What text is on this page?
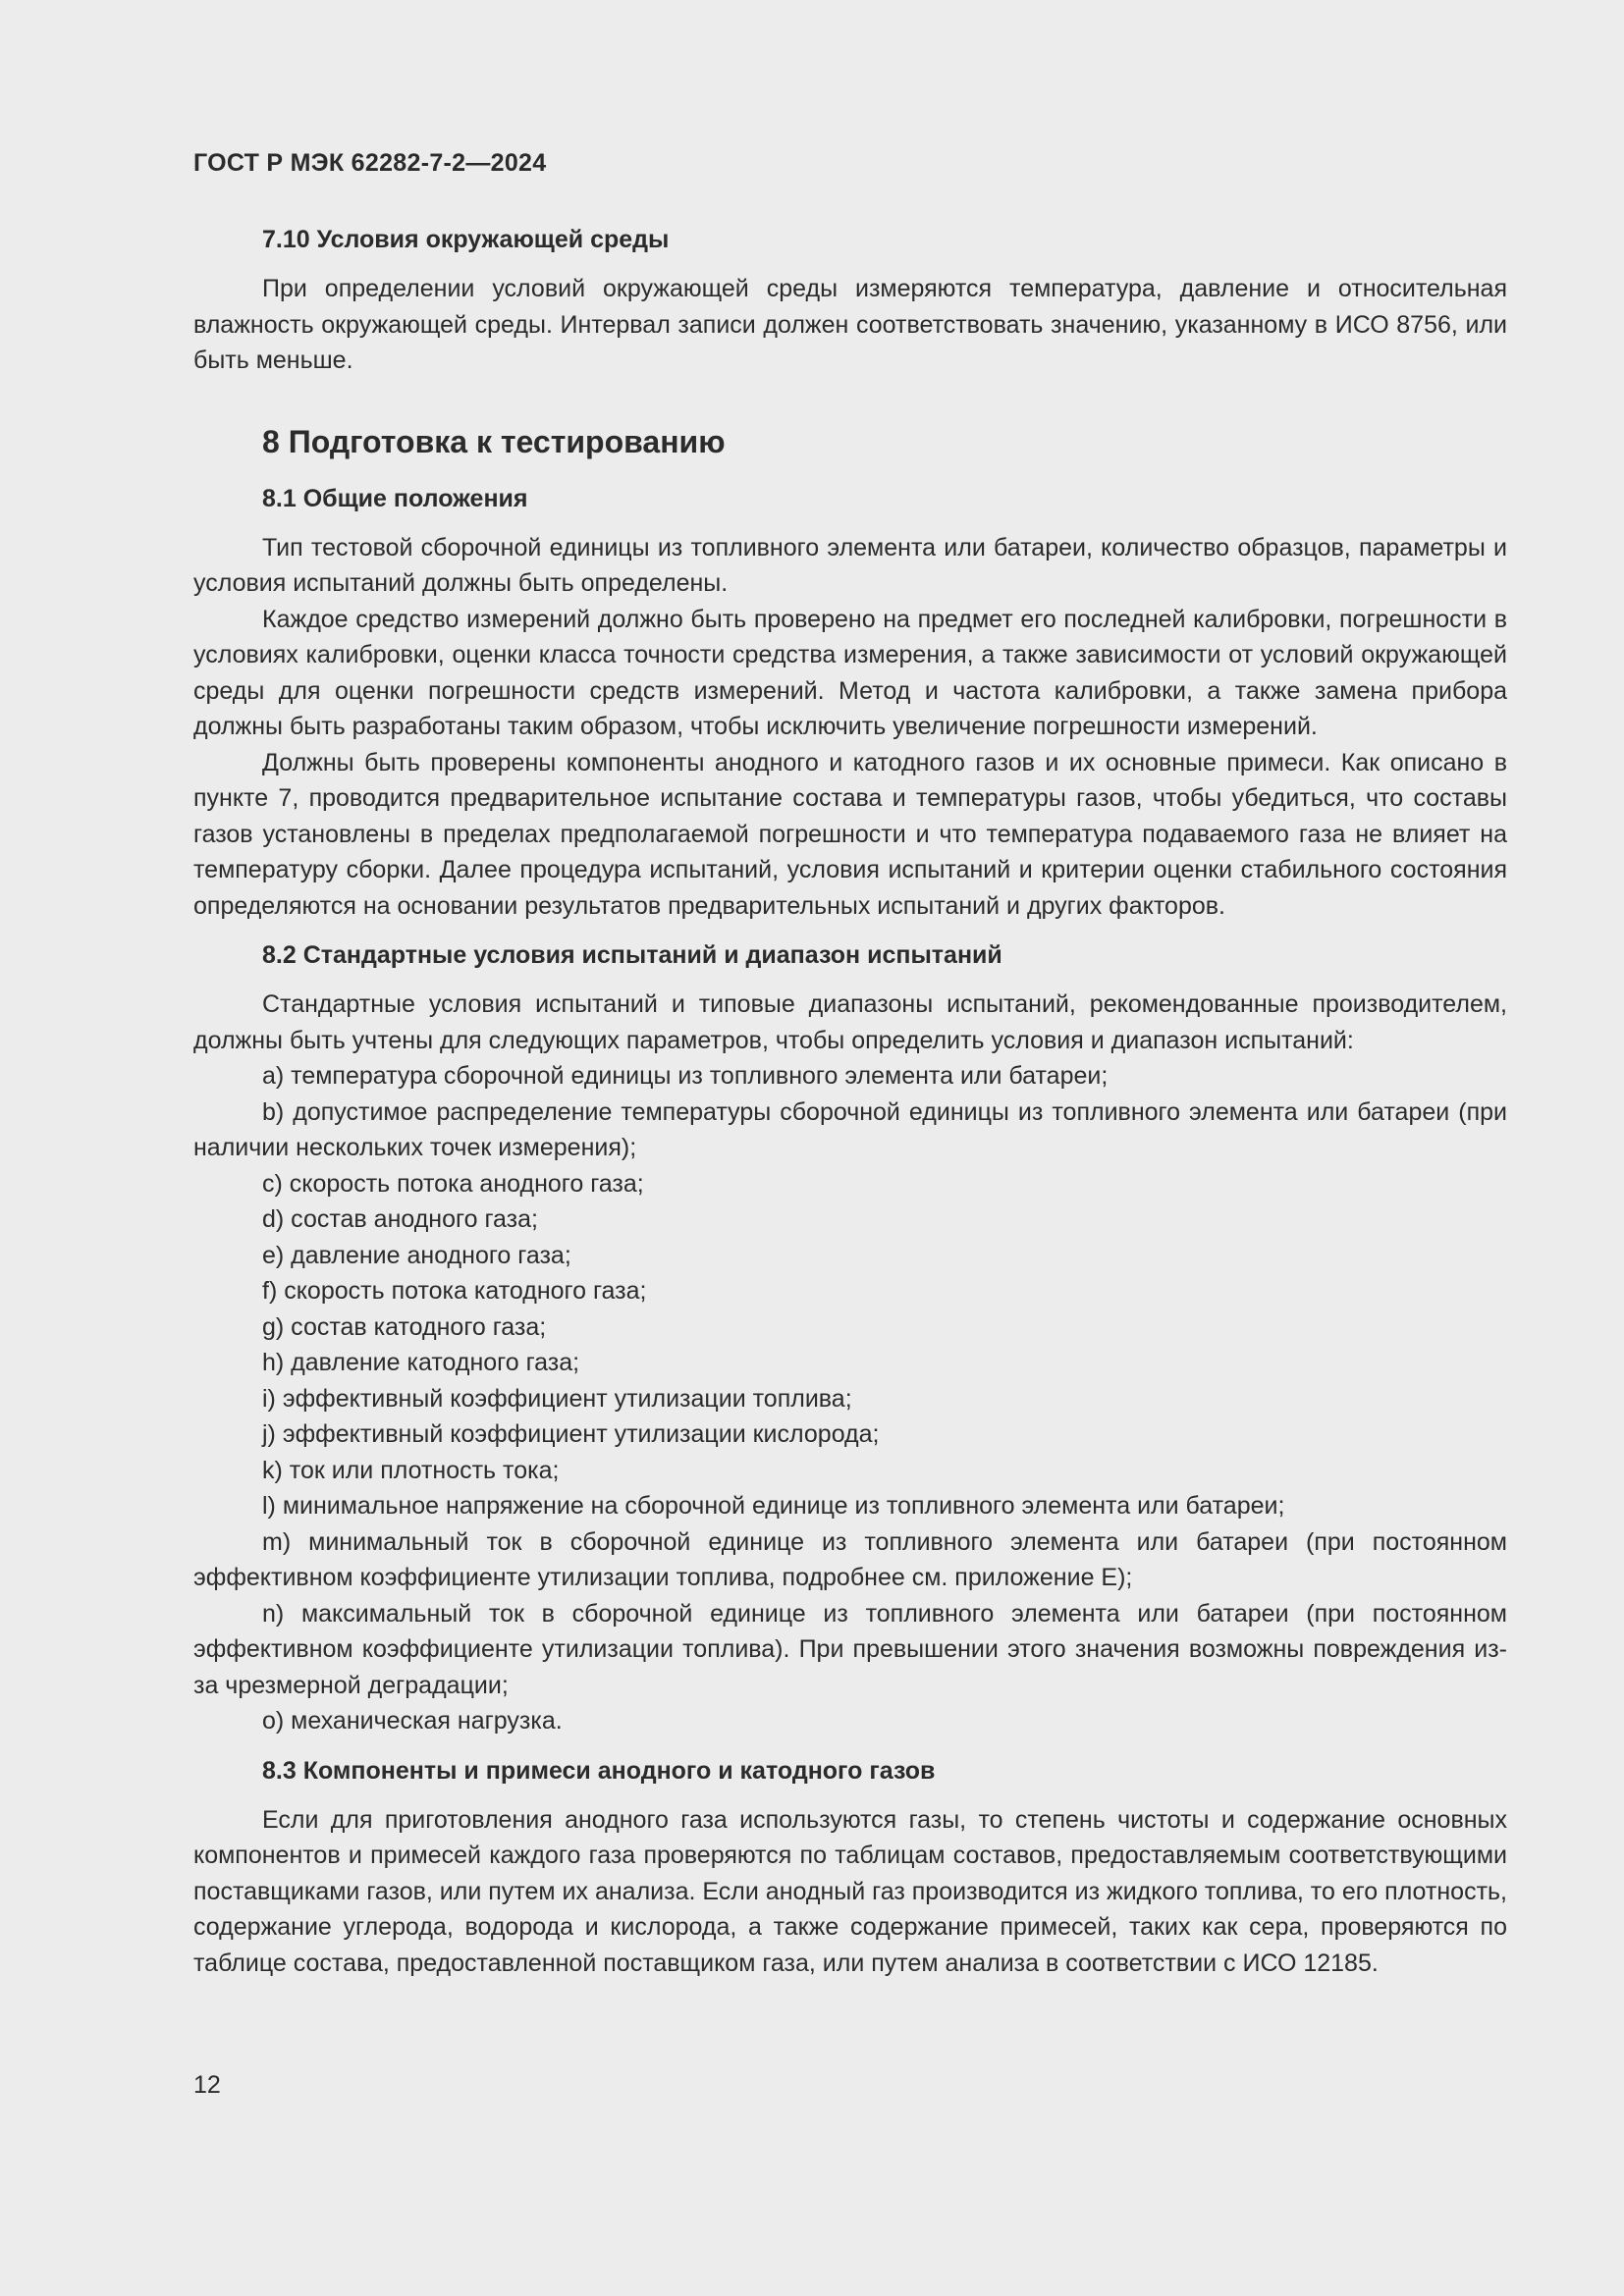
ГОСТ Р МЭК 62282-7-2—2024
7.10 Условия окружающей среды

При определении условий окружающей среды измеряются температура, давление и относительная влажность окружающей среды. Интервал записи должен соответствовать значению, указанному в ИСО 8756, или быть меньше.

8 Подготовка к тестированию
8.1 Общие положения

Тип тестовой сборочной единицы из топливного элемента или батареи, количество образцов, параметры и условия испытаний должны быть определены.

Каждое средство измерений должно быть проверено на предмет его последней калибровки, погрешности в условиях калибровки, оценки класса точности средства измерения, а также зависимости от условий окружающей среды для оценки погрешности средств измерений. Метод и частота калибровки, а также замена прибора должны быть разработаны таким образом, чтобы исключить увеличение погрешности измерений.

Должны быть проверены компоненты анодного и катодного газов и их основные примеси. Как описано в пункте 7, проводится предварительное испытание состава и температуры газов, чтобы убедиться, что составы газов установлены в пределах предполагаемой погрешности и что температура подаваемого газа не влияет на температуру сборки. Далее процедура испытаний, условия испытаний и критерии оценки стабильного состояния определяются на основании результатов предварительных испытаний и других факторов.

8.2 Стандартные условия испытаний и диапазон испытаний

Стандартные условия испытаний и типовые диапазоны испытаний, рекомендованные производителем, должны быть учтены для следующих параметров, чтобы определить условия и диапазон испытаний:

a) температура сборочной единицы из топливного элемента или батареи;
b) допустимое распределение температуры сборочной единицы из топливного элемента или батареи (при наличии нескольких точек измерения);
c) скорость потока анодного газа;
d) состав анодного газа;
e) давление анодного газа;
f) скорость потока катодного газа;
g) состав катодного газа;
h) давление катодного газа;
i) эффективный коэффициент утилизации топлива;
j) эффективный коэффициент утилизации кислорода;
k) ток или плотность тока;
l) минимальное напряжение на сборочной единице из топливного элемента или батареи;
m) минимальный ток в сборочной единице из топливного элемента или батареи (при постоянном эффективном коэффициенте утилизации топлива, подробнее см. приложение Е);
n) максимальный ток в сборочной единице из топливного элемента или батареи (при постоянном эффективном коэффициенте утилизации топлива). При превышении этого значения возможны повреждения из-за чрезмерной деградации;
o) механическая нагрузка.
8.3 Компоненты и примеси анодного и катодного газов

Если для приготовления анодного газа используются газы, то степень чистоты и содержание основных компонентов и примесей каждого газа проверяются по таблицам составов, предоставляемым соответствующими поставщиками газов, или путем их анализа. Если анодный газ производится из жидкого топлива, то его плотность, содержание углерода, водорода и кислорода, а также содержание примесей, таких как сера, проверяются по таблице состава, предоставленной поставщиком газа, или путем анализа в соответствии с ИСО 12185.

12
